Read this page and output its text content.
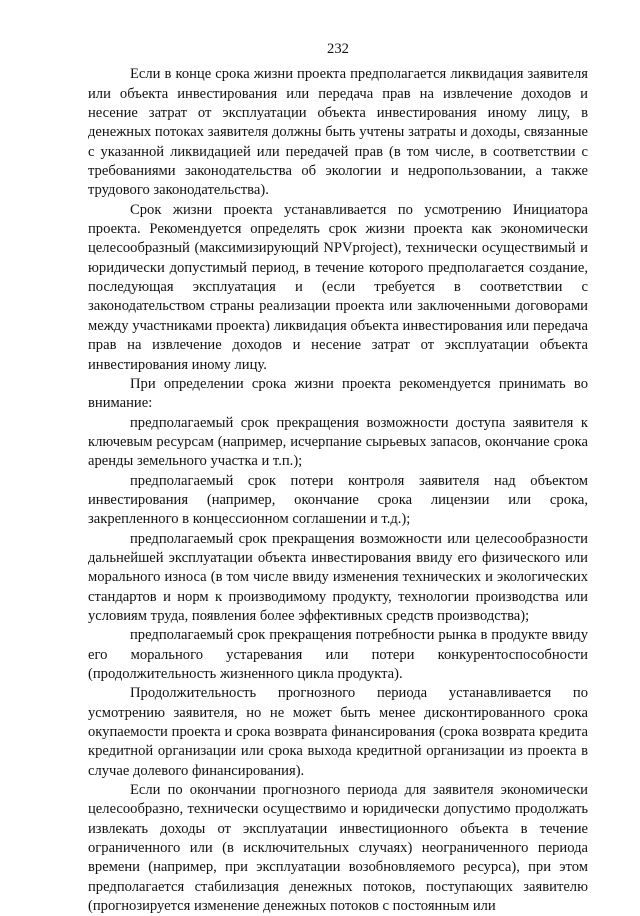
232

Если в конце срока жизни проекта предполагается ликвидация заявителя или объекта инвестирования или передача прав на извлечение доходов и несение затрат от эксплуатации объекта инвестирования иному лицу, в денежных потоках заявителя должны быть учтены затраты и доходы, связанные с указанной ликвидацией или передачей прав (в том числе, в соответствии с требованиями законодательства об экологии и недропользовании, а также трудового законодательства).

Срок жизни проекта устанавливается по усмотрению Инициатора проекта. Рекомендуется определять срок жизни проекта как экономически целесообразный (максимизирующий NPVproject), технически осуществимый и юридически допустимый период, в течение которого предполагается создание, последующая эксплуатация и (если требуется в соответствии с законодательством страны реализации проекта или заключенными договорами между участниками проекта) ликвидация объекта инвестирования или передача прав на извлечение доходов и несение затрат от эксплуатации объекта инвестирования иному лицу.

При определении срока жизни проекта рекомендуется принимать во внимание:

предполагаемый срок прекращения возможности доступа заявителя к ключевым ресурсам (например, исчерпание сырьевых запасов, окончание срока аренды земельного участка и т.п.);

предполагаемый срок потери контроля заявителя над объектом инвестирования (например, окончание срока лицензии или срока, закрепленного в концессионном соглашении и т.д.);

предполагаемый срок прекращения возможности или целесообразности дальнейшей эксплуатации объекта инвестирования ввиду его физического или морального износа (в том числе ввиду изменения технических и экологических стандартов и норм к производимому продукту, технологии производства или условиям труда, появления более эффективных средств производства);

предполагаемый срок прекращения потребности рынка в продукте ввиду его морального устаревания или потери конкурентоспособности (продолжительность жизненного цикла продукта).

Продолжительность прогнозного периода устанавливается по усмотрению заявителя, но не может быть менее дисконтированного срока окупаемости проекта и срока возврата финансирования (срока возврата кредита кредитной организации или срока выхода кредитной организации из проекта в случае долевого финансирования).

Если по окончании прогнозного периода для заявителя экономически целесообразно, технически осуществимо и юридически допустимо продолжать извлекать доходы от эксплуатации инвестиционного объекта в течение ограниченного или (в исключительных случаях) неограниченного периода времени (например, при эксплуатации возобновляемого ресурса), при этом предполагается стабилизация денежных потоков, поступающих заявителю (прогнозируется изменение денежных потоков с постоянным или
